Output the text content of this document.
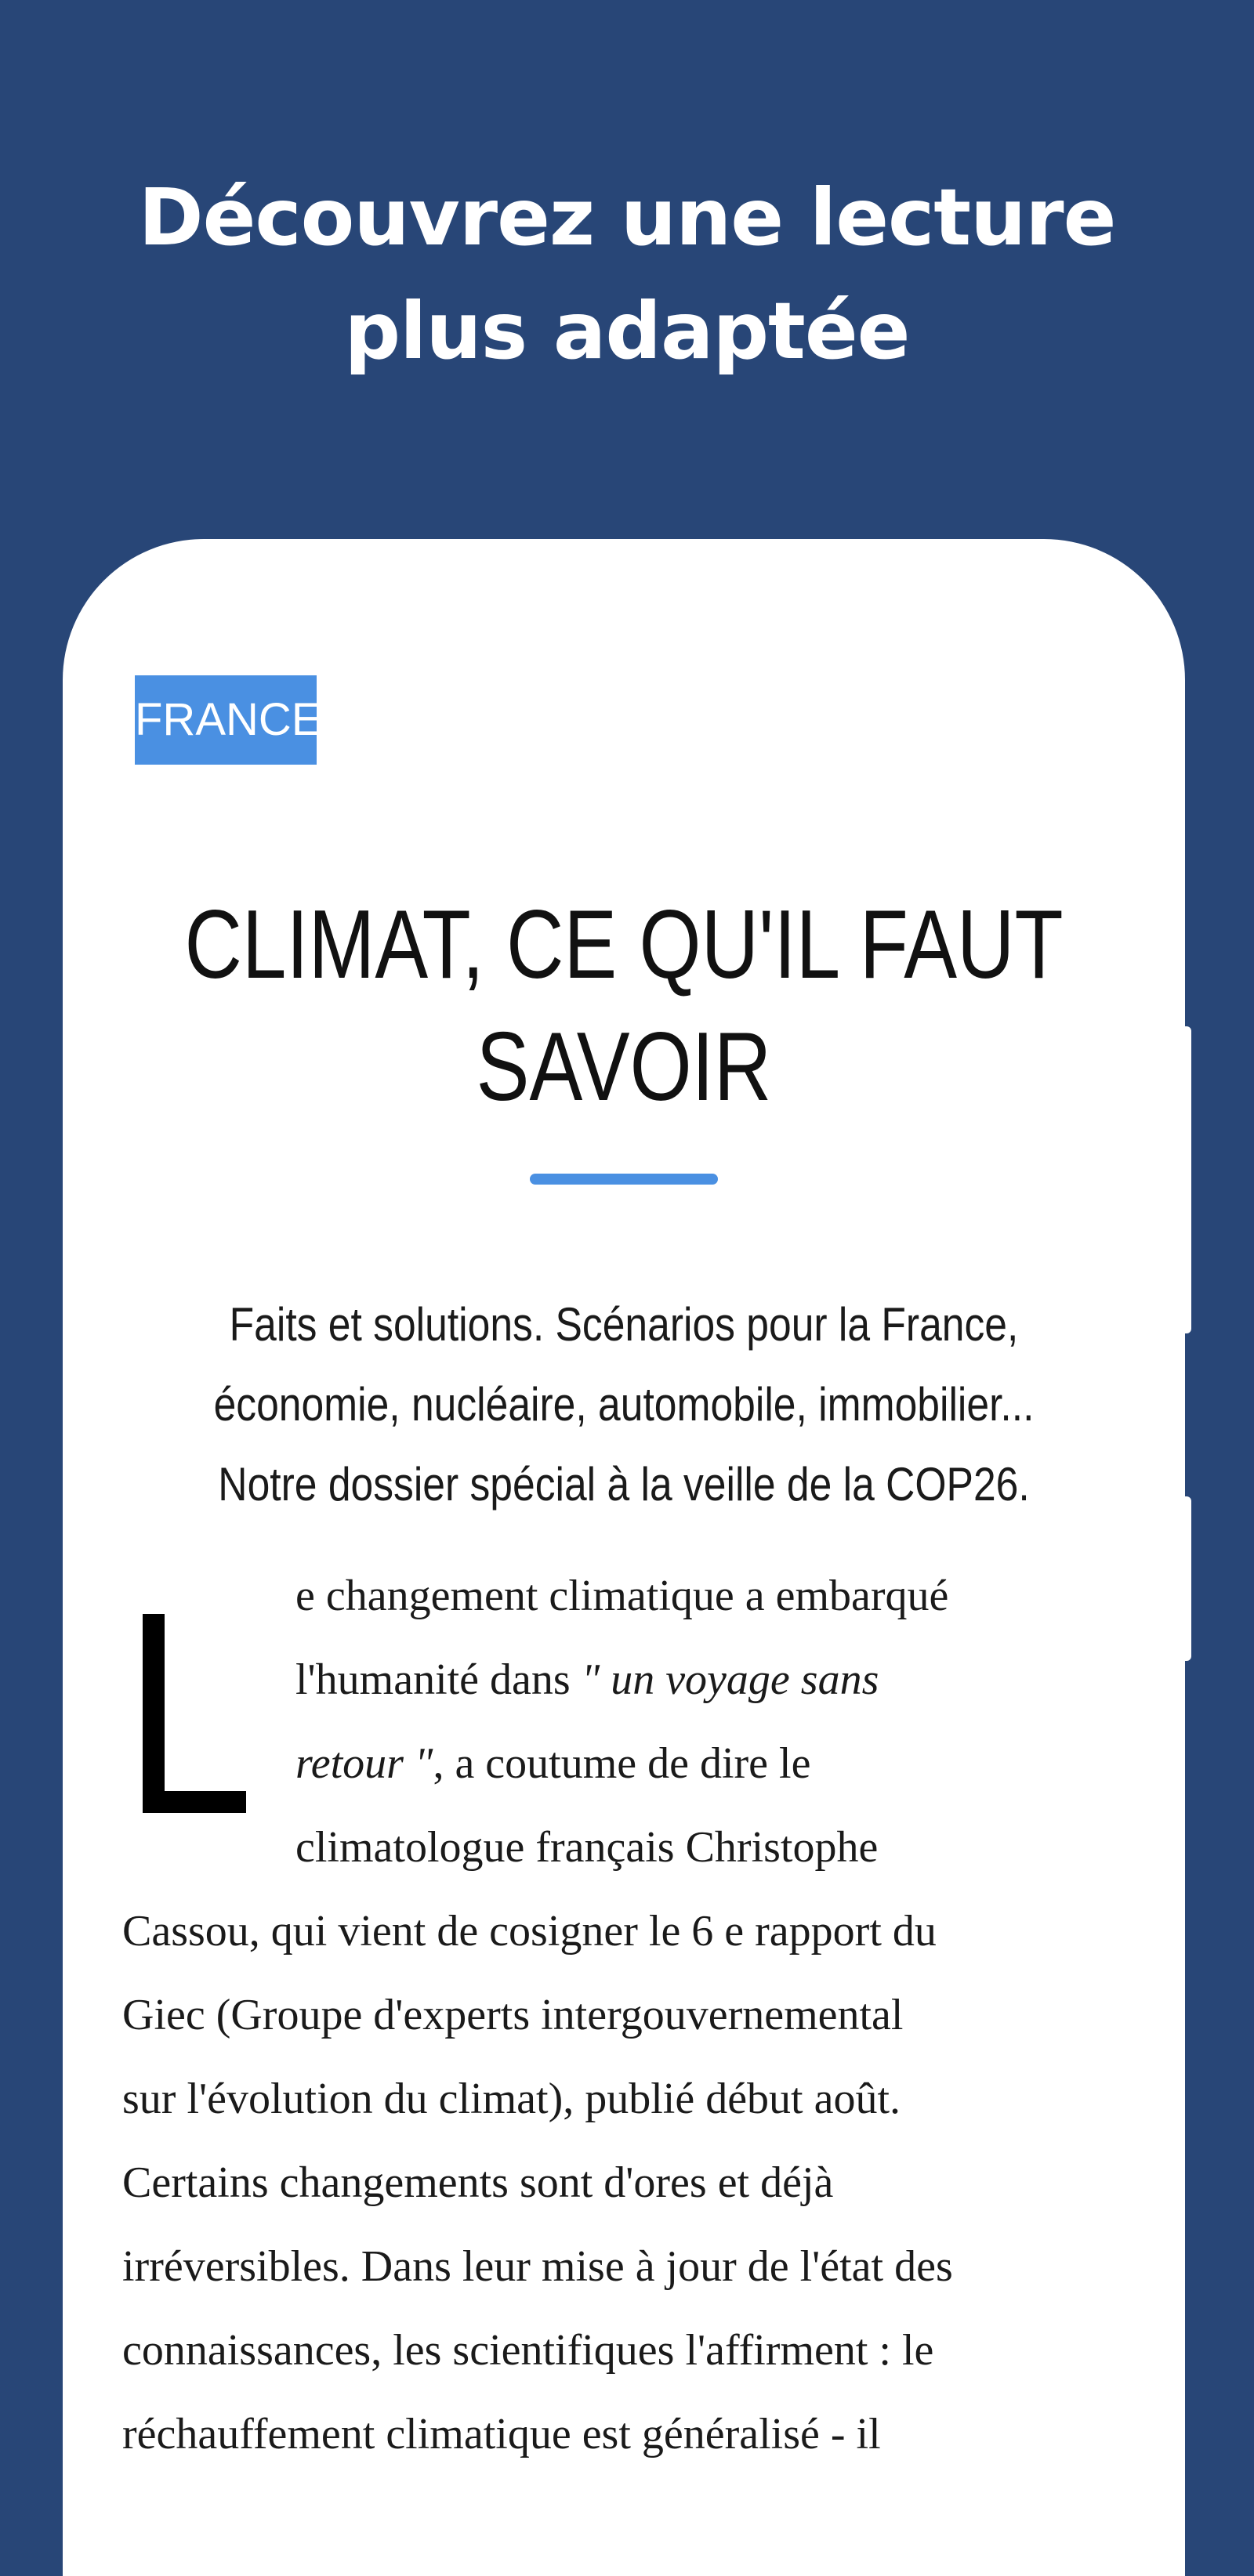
Découvrez une lecture
plus adaptée
FRANCE
CLIMAT, CE QU'IL FAUT
SAVOIR
Faits et solutions. Scénarios pour la France,
économie, nucléaire, automobile, immobilier...
Notre dossier spécial à la veille de la COP26.
e changement climatique a embarqué
l'humanité dans " un voyage sans
retour ", a coutume de dire le
climatologue français Christophe
Cassou, qui vient de cosigner le 6 e rapport du
Giec (Groupe d'experts intergouvernemental
sur l'évolution du climat), publié début août.
Certains changements sont d'ores et déjà
irréversibles. Dans leur mise à jour de l'état des
connaissances, les scientifiques l'affirment : le
réchauffement climatique est généralisé - il
